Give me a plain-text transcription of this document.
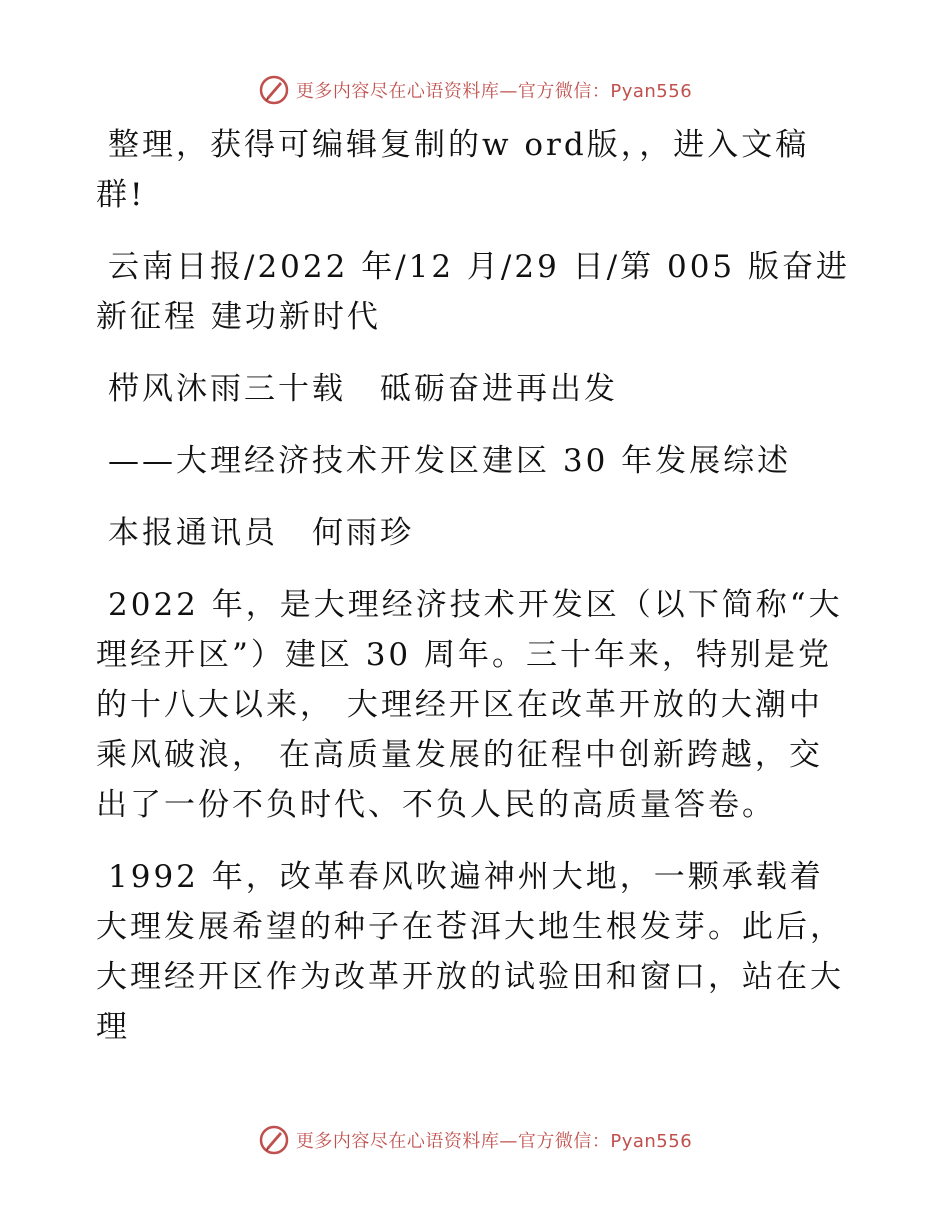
更多内容尽在心语资料库—官方微信：Pyan556

整理，获得可编辑复制的w ord版，，进入文稿群!

云南日报/2022 年/12 月/29 日/第 005 版奋进新征程 建功新时代

栉风沐雨三十载　砥砺奋进再出发

——大理经济技术开发区建区 30 年发展综述

本报通讯员　何雨珍

2022 年，是大理经济技术开发区（以下简称“大理经开区”）建区 30 周年。三十年来，特别是党的十八大以来， 大理经开区在改革开放的大潮中乘风破浪， 在高质量发展的征程中创新跨越，交出了一份不负时代、不负人民的高质量答卷。

1992 年，改革春风吹遍神州大地，一颗承载着大理发展希望的种子在苍洱大地生根发芽。此后，大理经开区作为改革开放的试验田和窗口，站在大理

更多内容尽在心语资料库—官方微信：Pyan556
